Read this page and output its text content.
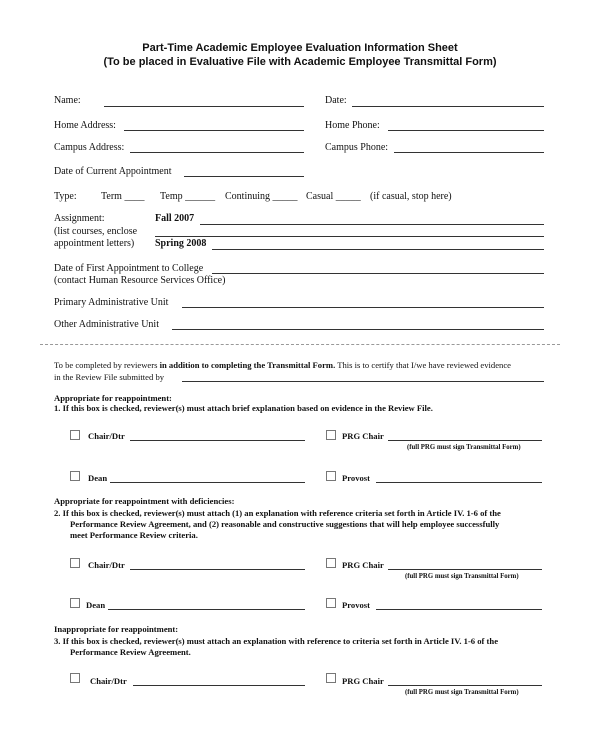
Part-Time Academic Employee Evaluation Information Sheet
(To be placed in Evaluative File with Academic Employee Transmittal Form)
Name:	Date:
Home Address:	Home Phone:
Campus Address:	Campus Phone:
Date of Current Appointment
Type: Term ____ Temp ______ Continuing _____ Casual _____ (if casual, stop here)
Assignment:
(list courses, enclose
appointment letters)
Fall 2007
Spring 2008
Date of First Appointment to College
(contact Human Resource Services Office)
Primary Administrative Unit
Other Administrative Unit
To be completed by reviewers in addition to completing the Transmittal Form. This is to certify that I/we have reviewed evidence
in the Review File submitted by
Appropriate for reappointment:
1. If this box is checked, reviewer(s) must attach brief explanation based on evidence in the Review File.
Chair/Dtr	PRG Chair
(full PRG must sign Transmittal Form)
Dean	Provost
Appropriate for reappointment with deficiencies:
2. If this box is checked, reviewer(s) must attach (1) an explanation with reference criteria set forth in Article IV. 1-6 of the
Performance Review Agreement, and (2) reasonable and constructive suggestions that will help employee successfully
meet Performance Review criteria.
Chair/Dtr	PRG Chair
(full PRG must sign Transmittal Form)
Dean	Provost
Inappropriate for reappointment:
3. If this box is checked, reviewer(s) must attach an explanation with reference to criteria set forth in Article IV. 1-6 of the
Performance Review Agreement.
Chair/Dtr	PRG Chair
(full PRG must sign Transmittal Form)
